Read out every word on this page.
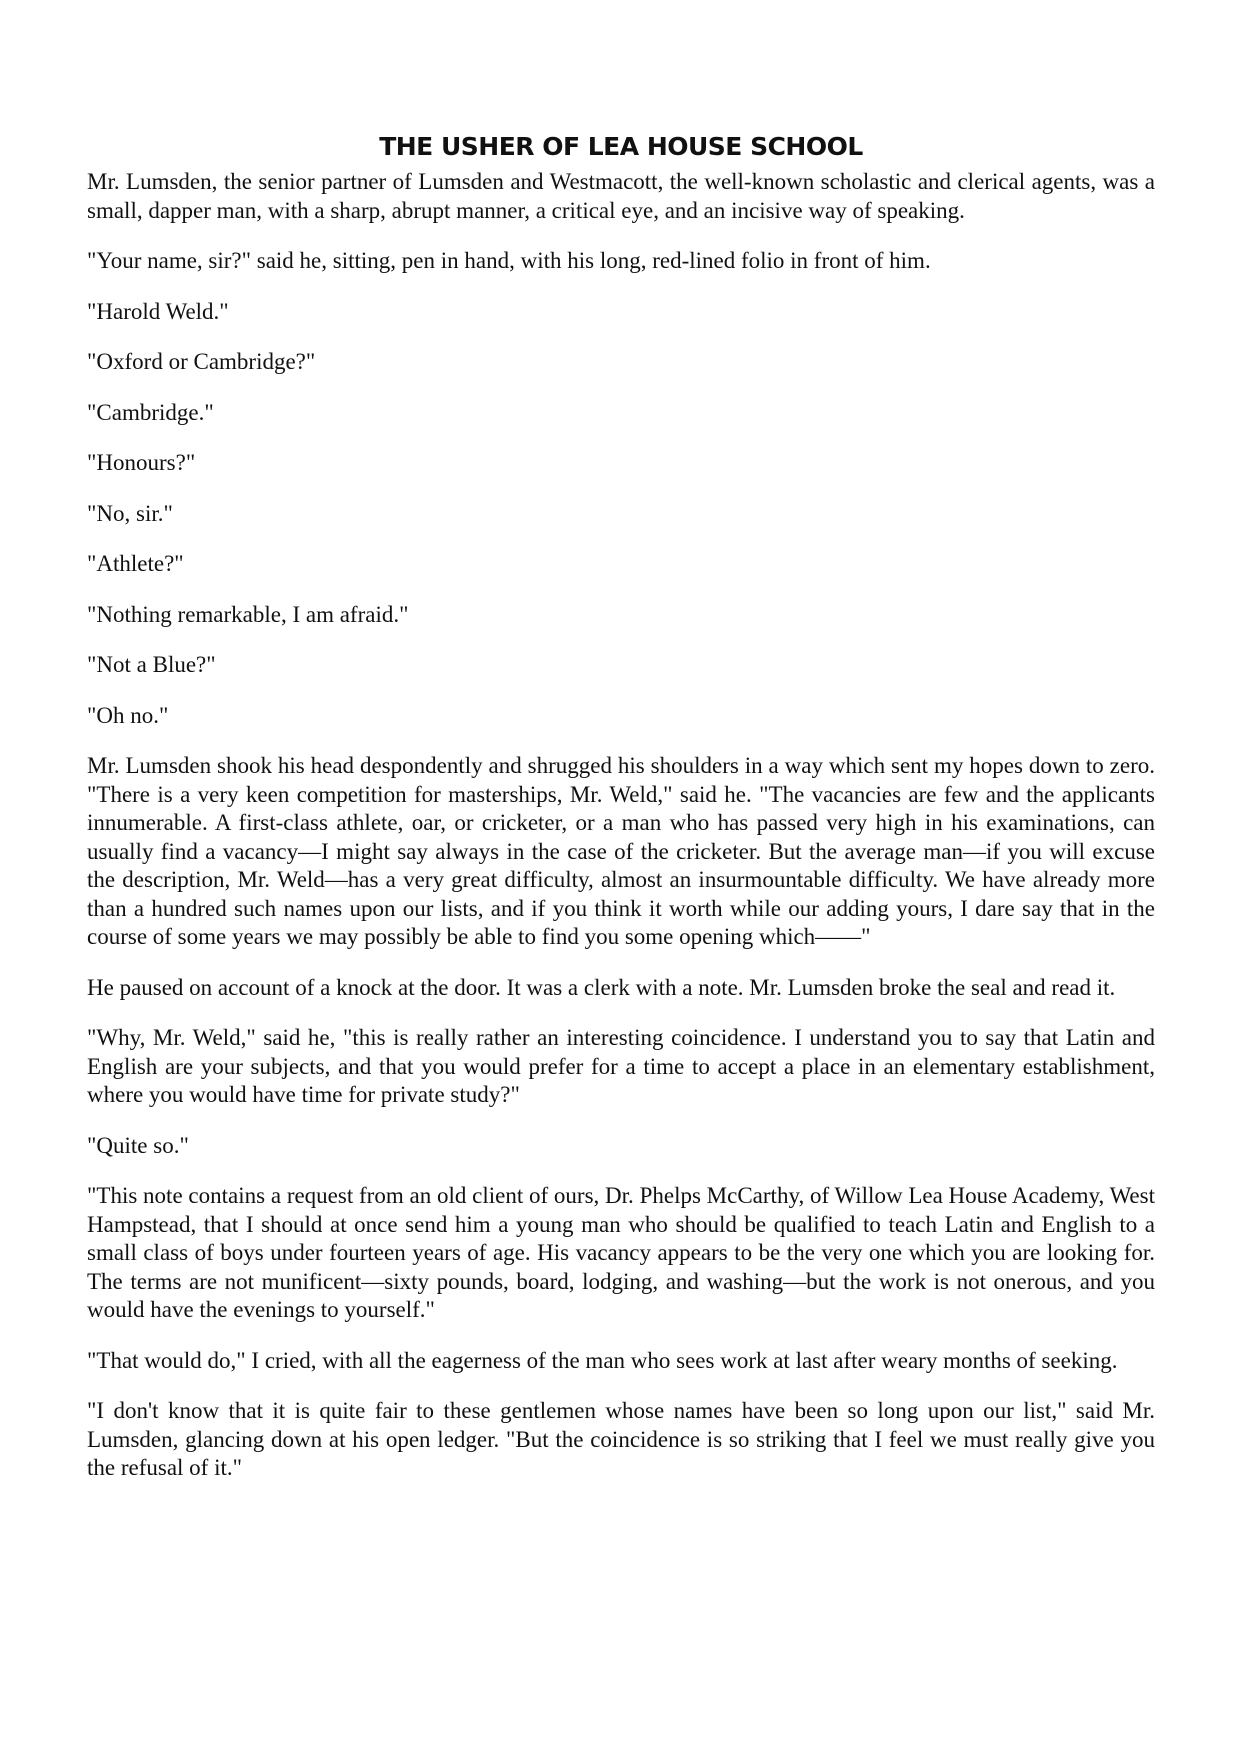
THE USHER OF LEA HOUSE SCHOOL

Mr. Lumsden, the senior partner of Lumsden and Westmacott, the well-known scholastic and clerical agents, was a small, dapper man, with a sharp, abrupt manner, a critical eye, and an incisive way of speaking.

"Your name, sir?" said he, sitting, pen in hand, with his long, red-lined folio in front of him.

"Harold Weld."

"Oxford or Cambridge?"

"Cambridge."

"Honours?"

"No, sir."

"Athlete?"

"Nothing remarkable, I am afraid."

"Not a Blue?"

"Oh no."

Mr. Lumsden shook his head despondently and shrugged his shoulders in a way which sent my hopes down to zero. "There is a very keen competition for masterships, Mr. Weld," said he. "The vacancies are few and the applicants innumerable. A first-class athlete, oar, or cricketer, or a man who has passed very high in his examinations, can usually find a vacancy—I might say always in the case of the cricketer. But the average man—if you will excuse the description, Mr. Weld—has a very great difficulty, almost an insurmountable difficulty. We have already more than a hundred such names upon our lists, and if you think it worth while our adding yours, I dare say that in the course of some years we may possibly be able to find you some opening which——"

He paused on account of a knock at the door. It was a clerk with a note. Mr. Lumsden broke the seal and read it.

"Why, Mr. Weld," said he, "this is really rather an interesting coincidence. I understand you to say that Latin and English are your subjects, and that you would prefer for a time to accept a place in an elementary establishment, where you would have time for private study?"

"Quite so."

"This note contains a request from an old client of ours, Dr. Phelps McCarthy, of Willow Lea House Academy, West Hampstead, that I should at once send him a young man who should be qualified to teach Latin and English to a small class of boys under fourteen years of age. His vacancy appears to be the very one which you are looking for. The terms are not munificent—sixty pounds, board, lodging, and washing—but the work is not onerous, and you would have the evenings to yourself."

"That would do," I cried, with all the eagerness of the man who sees work at last after weary months of seeking.

"I don't know that it is quite fair to these gentlemen whose names have been so long upon our list," said Mr. Lumsden, glancing down at his open ledger. "But the coincidence is so striking that I feel we must really give you the refusal of it."
